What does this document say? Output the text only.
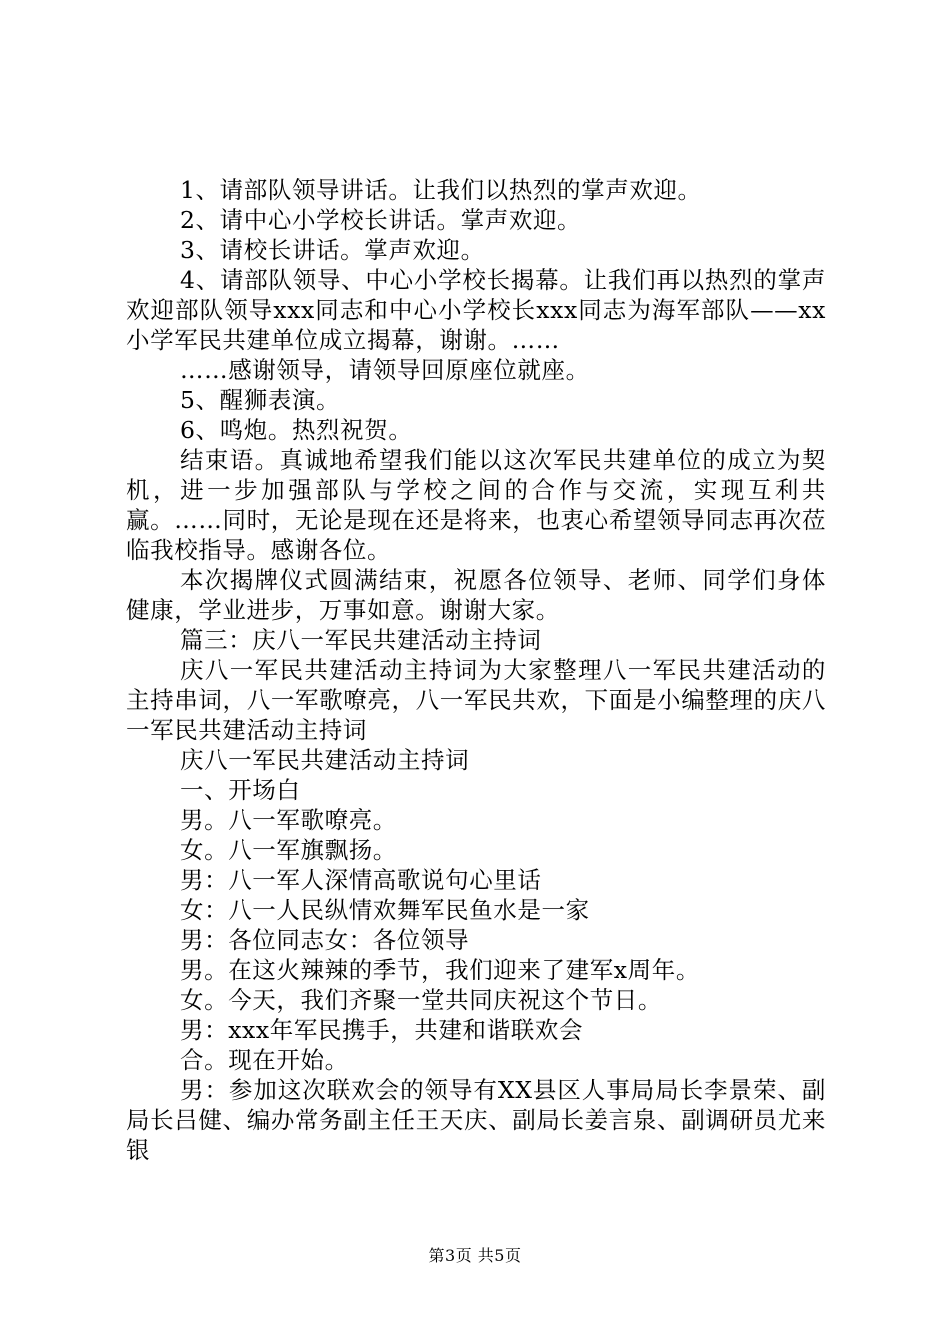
1、请部队领导讲话。让我们以热烈的掌声欢迎。

2、请中心小学校长讲话。掌声欢迎。

3、请校长讲话。掌声欢迎。

4、请部队领导、中心小学校长揭幕。让我们再以热烈的掌声欢迎部队领导xxx同志和中心小学校长xxx同志为海军部队——xx小学军民共建单位成立揭幕，谢谢。……

……感谢领导，请领导回原座位就座。

5、醒狮表演。

6、鸣炮。热烈祝贺。

结束语。真诚地希望我们能以这次军民共建单位的成立为契机，进一步加强部队与学校之间的合作与交流，实现互利共赢。……同时，无论是现在还是将来，也衷心希望领导同志再次莅临我校指导。感谢各位。

本次揭牌仪式圆满结束，祝愿各位领导、老师、同学们身体健康，学业进步，万事如意。谢谢大家。

篇三：庆八一军民共建活动主持词

庆八一军民共建活动主持词为大家整理八一军民共建活动的主持串词，八一军歌嘹亮，八一军民共欢，下面是小编整理的庆八一军民共建活动主持词

庆八一军民共建活动主持词

一、开场白

男。八一军歌嘹亮。

女。八一军旗飘扬。

男：八一军人深情高歌说句心里话

女：八一人民纵情欢舞军民鱼水是一家

男：各位同志女：各位领导

男。在这火辣辣的季节，我们迎来了建军x周年。

女。今天，我们齐聚一堂共同庆祝这个节日。

男：xxx年军民携手，共建和谐联欢会

合。现在开始。

男：参加这次联欢会的领导有XX县区人事局局长李景荣、副局长吕健、编办常务副主任王天庆、副局长姜言泉、副调研员尤来银

第3页 共5页
